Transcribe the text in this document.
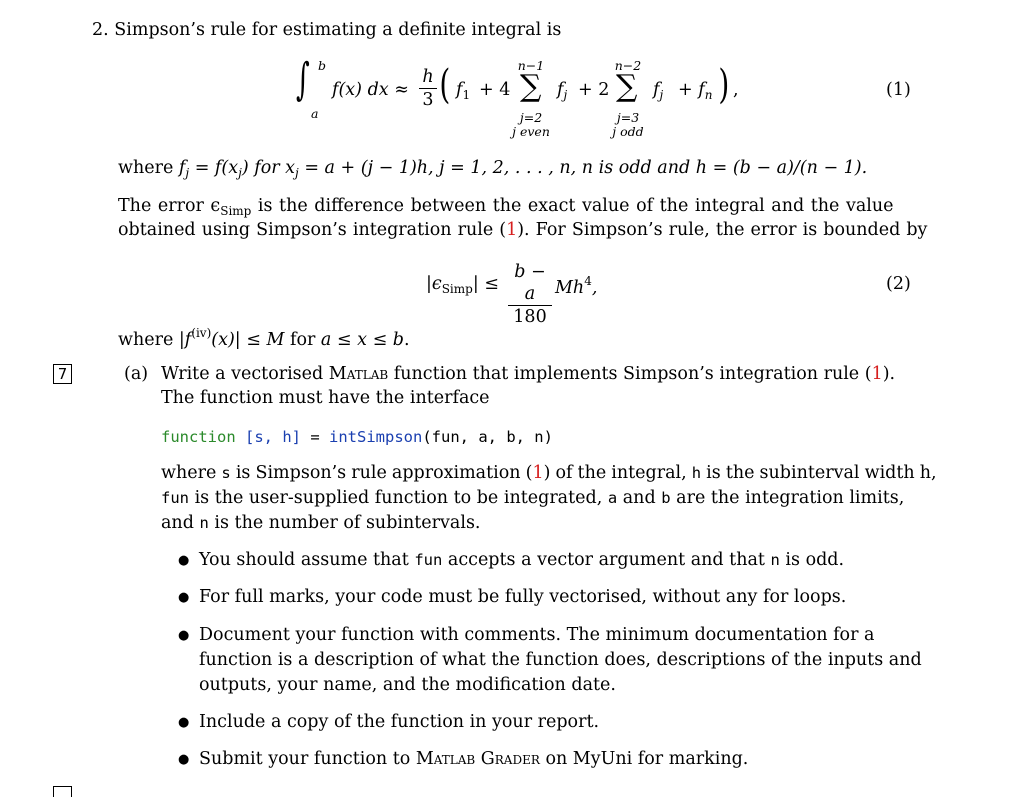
2. Simpson’s rule for estimating a definite integral is
∫ b
a
f(x) dx ≈
h
3 ( $f_1 + 4$
n−1
∑
j=2
j even
$f_j + 2$
n−2
∑
j=3
j odd
$f_j + f_n$ ) ,	(1)
where $f_j = f(x_j)$ for $x_j = a + (j - 1)h$, j = 1, 2, . . . , n, n is odd and h = (b − a)/(n − 1).
The error $\epsilon_{Simp}$ is the difference between the exact value of the integral and the value
obtained using Simpson’s integration rule (1). For Simpson’s rule, the error is bounded by
$|\epsilon_{Simp}|$ ≤
b − a
180
Mh$^4$,	(2)
where $|f^{(iv)}(x)| \le M$ for a ≤ x ≤ b.
7	(a) Write a vectorised Matlab function that implements Simpson’s integration rule (1).
The function must have the interface
function [s, h] = intSimpson(fun, a, b, n)
where s is Simpson’s rule approximation (1) of the integral, h is the subinterval width h,
fun is the user-supplied function to be integrated, a and b are the integration limits,
and n is the number of subintervals.
● You should assume that fun accepts a vector argument and that n is odd.
● For full marks, your code must be fully vectorised, without any for loops.
● Document your function with comments. The minimum documentation for a
function is a description of what the function does, descriptions of the inputs and
outputs, your name, and the modification date.
● Include a copy of the function in your report.
● Submit your function to Matlab Grader on MyUni for marking.
